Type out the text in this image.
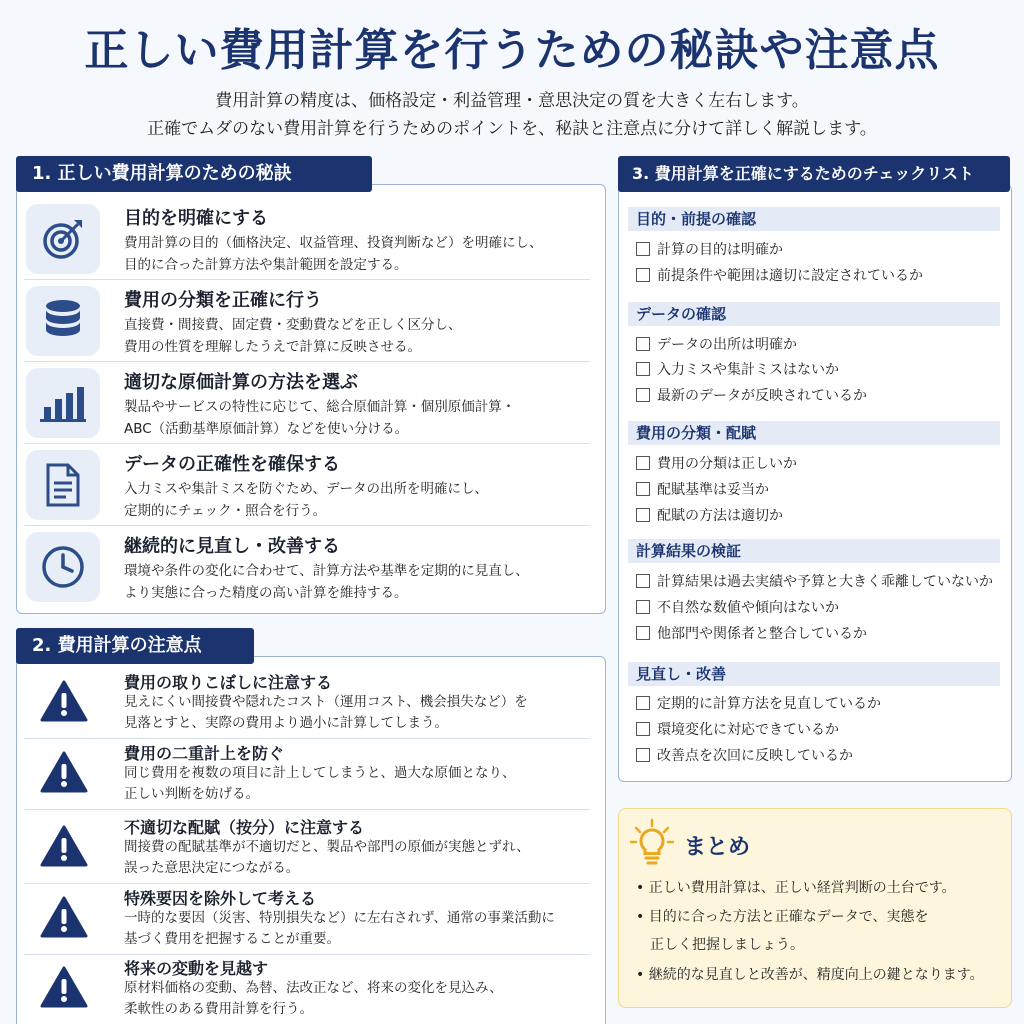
正しい費用計算を行うための秘訣や注意点
費用計算の精度は、価格設定・利益管理・意思決定の質を大きく左右します。
正確でムダのない費用計算を行うためのポイントを、秘訣と注意点に分けて詳しく解説します。
1. 正しい費用計算のための秘訣
目的を明確にする
費用計算の目的（価格決定、収益管理、投資判断など）を明確にし、
目的に合った計算方法や集計範囲を設定する。
費用の分類を正確に行う
直接費・間接費、固定費・変動費などを正しく区分し、
費用の性質を理解したうえで計算に反映させる。
適切な原価計算の方法を選ぶ
製品やサービスの特性に応じて、総合原価計算・個別原価計算・
ABC（活動基準原価計算）などを使い分ける。
データの正確性を確保する
入力ミスや集計ミスを防ぐため、データの出所を明確にし、
定期的にチェック・照合を行う。
継続的に見直し・改善する
環境や条件の変化に合わせて、計算方法や基準を定期的に見直し、
より実態に合った精度の高い計算を維持する。
2. 費用計算の注意点
費用の取りこぼしに注意する
見えにくい間接費や隠れたコスト（運用コスト、機会損失など）を
見落とすと、実際の費用より過小に計算してしまう。
費用の二重計上を防ぐ
同じ費用を複数の項目に計上してしまうと、過大な原価となり、
正しい判断を妨げる。
不適切な配賦（按分）に注意する
間接費の配賦基準が不適切だと、製品や部門の原価が実態とずれ、
誤った意思決定につながる。
特殊要因を除外して考える
一時的な要因（災害、特別損失など）に左右されず、通常の事業活動に
基づく費用を把握することが重要。
将来の変動を見越す
原材料価格の変動、為替、法改正など、将来の変化を見込み、
柔軟性のある費用計算を行う。
3. 費用計算を正確にするためのチェックリスト
目的・前提の確認
計算の目的は明確か
前提条件や範囲は適切に設定されているか
データの確認
データの出所は明確か
入力ミスや集計ミスはないか
最新のデータが反映されているか
費用の分類・配賦
費用の分類は正しいか
配賦基準は妥当か
配賦の方法は適切か
計算結果の検証
計算結果は過去実績や予算と大きく乖離していないか
不自然な数値や傾向はないか
他部門や関係者と整合しているか
見直し・改善
定期的に計算方法を見直しているか
環境変化に対応できているか
改善点を次回に反映しているか
まとめ
• 正しい費用計算は、正しい経営判断の土台です。
• 目的に合った方法と正確なデータで、実態を
正しく把握しましょう。
• 継続的な見直しと改善が、精度向上の鍵となります。
